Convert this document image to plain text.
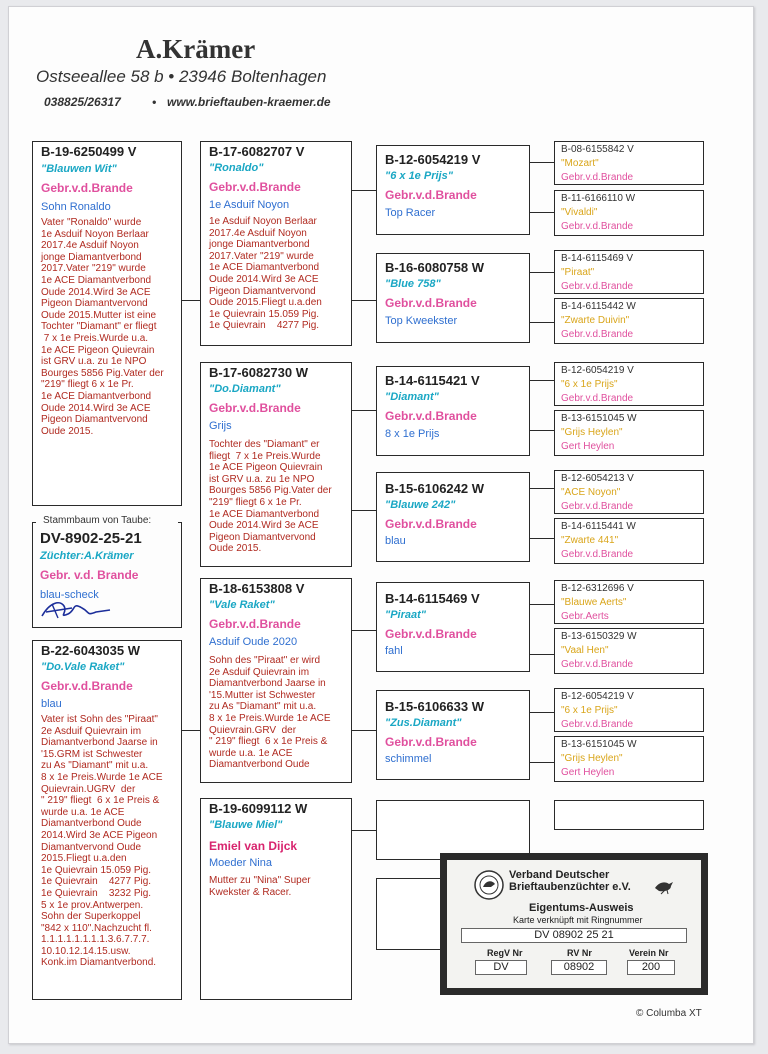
A.Krämer
Ostseeallee 58 b • 23946 Boltenhagen
038825/26317	• www.brieftauben-kraemer.de
B-19-6250499 V
"Blauwen Wit"
Gebr.v.d.Brande
Sohn Ronaldo
Vater "Ronaldo" wurde
1e Asduif Noyon Berlaar
2017.4e Asduif Noyon
jonge Diamantverbond
2017.Vater "219" wurde
1e ACE Diamantverbond
Oude 2014.Wird 3e ACE
Pigeon Diamantvervond
Oude 2015.Mutter ist eine
Tochter "Diamant" er fliegt
7 x 1e Preis.Wurde u.a.
1e ACE Pigeon Quievrain
ist GRV u.a. zu 1e NPO
Bourges 5856 Pig.Vater der
"219" fliegt 6 x 1e Pr.
1e ACE Diamantverbond
Oude 2014.Wird 3e ACE
Pigeon Diamantvervond
Oude 2015.
Stammbaum von Taube:
DV-8902-25-21
Züchter:A.Krämer
Gebr. v.d. Brande
blau-scheck
B-22-6043035 W
"Do.Vale Raket"
Gebr.v.d.Brande
blau
Vater ist Sohn des "Piraat"
2e Asduif Quievrain im
Diamantverbond Jaarse in
'15.GRM ist Schwester
zu As "Diamant" mit u.a.
8 x 1e Preis.Wurde 1e ACE
Quievrain.UGRV  der
" 219" fliegt  6 x 1e Preis &
wurde u.a. 1e ACE
Diamantverbond Oude
2014.Wird 3e ACE Pigeon
Diamantvervond Oude
2015.Fliegt u.a.den
1e Quievrain 15.059 Pig.
1e Quievrain    4277 Pig.
1e Quievrain    3232 Pig.
5 x 1e prov.Antwerpen.
Sohn der Superkoppel
"842 x 110".Nachzucht fl.
1.1.1.1.1.1.1.1.3.6.7.7.7.
10.10.12.14.15.usw.
Konk.im Diamantverbond.
B-17-6082707 V
"Ronaldo"
Gebr.v.d.Brande
1e Asduif Noyon
1e Asduif Noyon Berlaar
2017.4e Asduif Noyon
jonge Diamantverbond
2017.Vater "219" wurde
1e ACE Diamantverbond
Oude 2014.Wird 3e ACE
Pigeon Diamantvervond
Oude 2015.Fliegt u.a.den
1e Quievrain 15.059 Pig.
1e Quievrain    4277 Pig.
B-17-6082730 W
"Do.Diamant"
Gebr.v.d.Brande
Grijs
Tochter des "Diamant" er
fliegt  7 x 1e Preis.Wurde
1e ACE Pigeon Quievrain
ist GRV u.a. zu 1e NPO
Bourges 5856 Pig.Vater der
"219" fliegt 6 x 1e Pr.
1e ACE Diamantverbond
Oude 2014.Wird 3e ACE
Pigeon Diamantvervond
Oude 2015.
B-18-6153808 V
"Vale Raket"
Gebr.v.d.Brande
Asduif Oude 2020
Sohn des "Piraat" er wird
2e Asduif Quievrain im
Diamantverbond Jaarse in
'15.Mutter ist Schwester
zu As "Diamant" mit u.a.
8 x 1e Preis.Wurde 1e ACE
Quievrain.GRV  der
" 219" fliegt  6 x 1e Preis &
wurde u.a. 1e ACE
Diamantverbond Oude
B-19-6099112 W
"Blauwe Miel"
Emiel van Dijck
Moeder Nina
Mutter zu "Nina" Super
Kwekster & Racer.
B-12-6054219 V
"6 x 1e Prijs"
Gebr.v.d.Brande
Top Racer
B-16-6080758 W
"Blue 758"
Gebr.v.d.Brande
Top Kweekster
B-14-6115421 V
"Diamant"
Gebr.v.d.Brande
8 x 1e Prijs
B-15-6106242 W
"Blauwe 242"
Gebr.v.d.Brande
blau
B-14-6115469 V
"Piraat"
Gebr.v.d.Brande
fahl
B-15-6106633 W
"Zus.Diamant"
Gebr.v.d.Brande
schimmel
B-08-6155842 V
"Mozart"
Gebr.v.d.Brande
B-11-6166110 W
"Vivaldi"
Gebr.v.d.Brande
B-14-6115469 V
"Piraat"
Gebr.v.d.Brande
B-14-6115442 W
"Zwarte Duivin"
Gebr.v.d.Brande
B-12-6054219 V
"6 x 1e Prijs"
Gebr.v.d.Brande
B-13-6151045 W
"Grijs Heylen"
Gert Heylen
B-12-6054213 V
"ACE Noyon"
Gebr.v.d.Brande
B-14-6115441 W
"Zwarte 441"
Gebr.v.d.Brande
B-12-6312696 V
"Blauwe Aerts"
Gebr.Aerts
B-13-6150329 W
"Vaal Hen"
Gebr.v.d.Brande
B-12-6054219 V
"6 x 1e Prijs"
Gebr.v.d.Brande
B-13-6151045 W
"Grijs Heylen"
Gert Heylen
Verband Deutscher
Brieftaubenzüchter e.V.
Eigentums-Ausweis
Karte verknüpft mit Ringnummer
DV 08902 25 21
RegV Nr	RV Nr	Verein Nr
DV	08902	200
© Columba XT
